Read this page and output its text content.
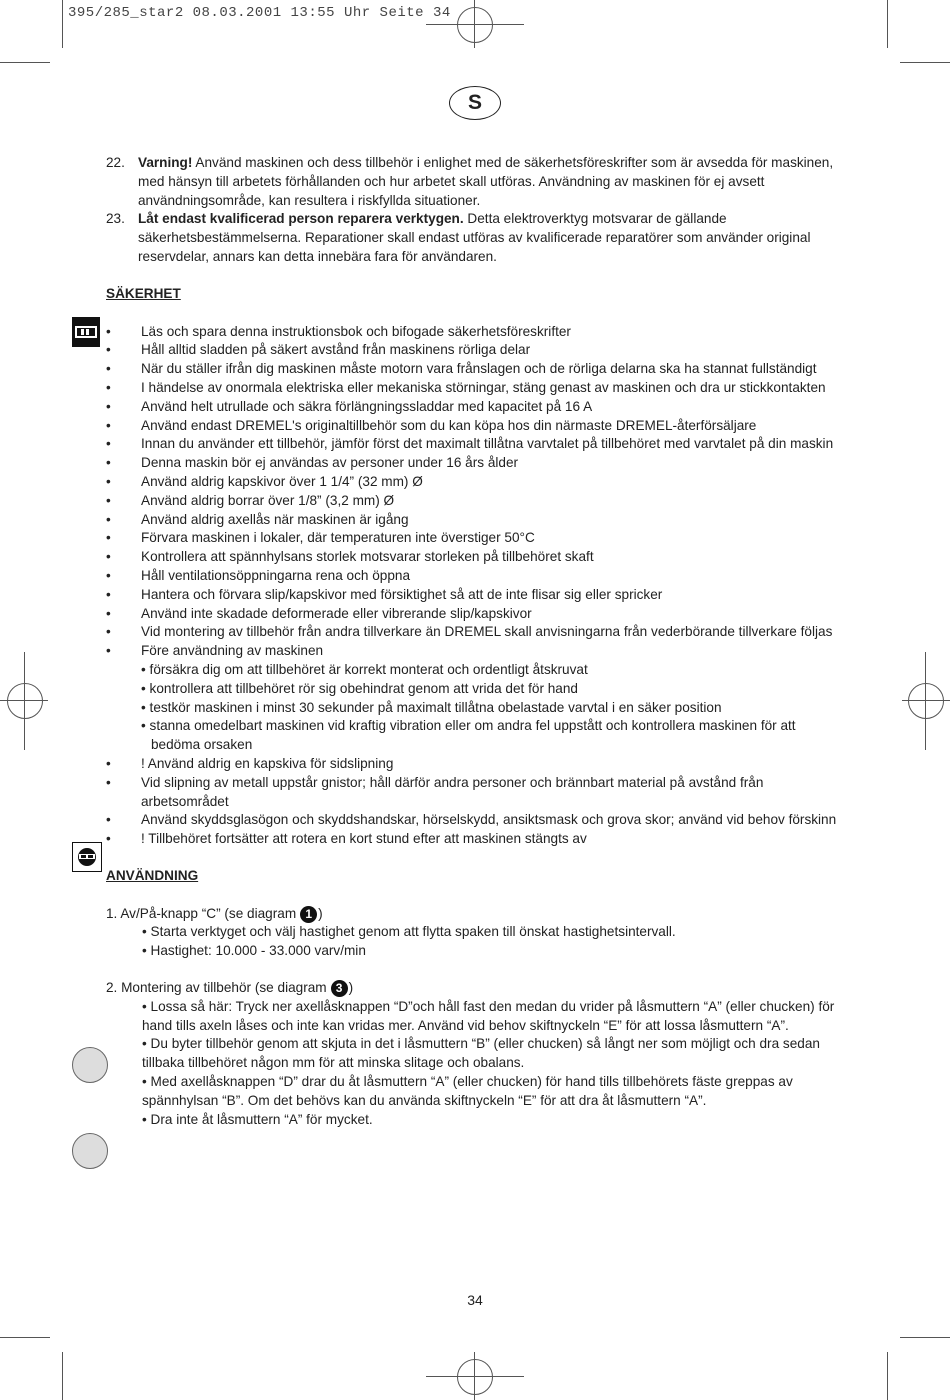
395/285_star2 08.03.2001 13:55 Uhr Seite 34
S
22. Varning! Använd maskinen och dess tillbehör i enlighet med de säkerhetsföreskrifter som är avsedda för maskinen, med hänsyn till arbetets förhållanden och hur arbetet skall utföras. Användning av maskinen för ej avsett användningsområde, kan resultera i riskfyllda situationer.
23. Låt endast kvalificerad person reparera verktygen. Detta elektroverktyg motsvarar de gällande säkerhetsbestämmelserna. Reparationer skall endast utföras av kvalificerade reparatörer som använder original reservdelar, annars kan detta innebära fara för användaren.
SÄKERHET
• Läs och spara denna instruktionsbok och bifogade säkerhetsföreskrifter
• Håll alltid sladden på säkert avstånd från maskinens rörliga delar
• När du ställer ifrån dig maskinen måste motorn vara frånslagen och de rörliga delarna ska ha stannat fullständigt
• I händelse av onormala elektriska eller mekaniska störningar, stäng genast av maskinen och dra ur stickkontakten
• Använd helt utrullade och säkra förlängningssladdar med kapacitet på 16 A
• Använd endast DREMEL's originaltillbehör som du kan köpa hos din närmaste DREMEL-återförsäljare
• Innan du använder ett tillbehör, jämför först det maximalt tillåtna varvtalet på tillbehöret med varvtalet på din maskin
• Denna maskin bör ej användas av personer under 16 års ålder
• Använd aldrig kapskivor över 1 1/4” (32 mm) Ø
• Använd aldrig borrar över 1/8” (3,2 mm) Ø
• Använd aldrig axellås när maskinen är igång
• Förvara maskinen i lokaler, där temperaturen inte överstiger 50°C
• Kontrollera att spännhylsans storlek motsvarar storleken på tillbehöret skaft
• Håll ventilationsöppningarna rena och öppna
• Hantera och förvara slip/kapskivor med försiktighet så att de inte flisar sig eller spricker
• Använd inte skadade deformerade eller vibrerande slip/kapskivor
• Vid montering av tillbehör från andra tillverkare än DREMEL skall anvisningarna från vederbörande tillverkare följas
• Före användning av maskinen
• försäkra dig om att tillbehöret är korrekt monterat och ordentligt åtskruvat
• kontrollera att tillbehöret rör sig obehindrat genom att vrida det för hand
• testkör maskinen i minst 30 sekunder på maximalt tillåtna obelastade varvtal i en säker position
• stanna omedelbart maskinen vid kraftig vibration eller om andra fel uppstått och kontrollera maskinen för att
bedöma orsaken
• ! Använd aldrig en kapskiva för sidslipning
• Vid slipning av metall uppstår gnistor; håll därför andra personer och brännbart material på avstånd från arbetsområdet
• Använd skyddsglasögon och skyddshandskar, hörselskydd, ansiktsmask och grova skor; använd vid behov förskinn
• ! Tillbehöret fortsätter att rotera en kort stund efter att maskinen stängts av
ANVÄNDNING
1. Av/På-knapp “C” (se diagram 1 )
• Starta verktyget och välj hastighet genom att flytta spaken till önskat hastighetsintervall.
• Hastighet: 10.000 - 33.000 varv/min
2. Montering av tillbehör (se diagram 3 )
• Lossa så här: Tryck ner axellåsknappen “D”och håll fast den medan du vrider på låsmuttern “A” (eller chucken) för hand tills axeln låses och inte kan vridas mer. Använd vid behov skiftnyckeln “E” för att lossa låsmuttern “A”.
• Du byter tillbehör genom att skjuta in det i låsmuttern “B” (eller chucken) så långt ner som möjligt och dra sedan tillbaka tillbehöret någon mm för att minska slitage och obalans.
• Med axellåsknappen “D” drar du åt låsmuttern “A” (eller chucken) för hand tills tillbehörets fäste greppas av spännhylsan “B”. Om det behövs kan du använda skiftnyckeln “E” för att dra åt låsmuttern “A”.
• Dra inte åt låsmuttern “A” för mycket.
34
